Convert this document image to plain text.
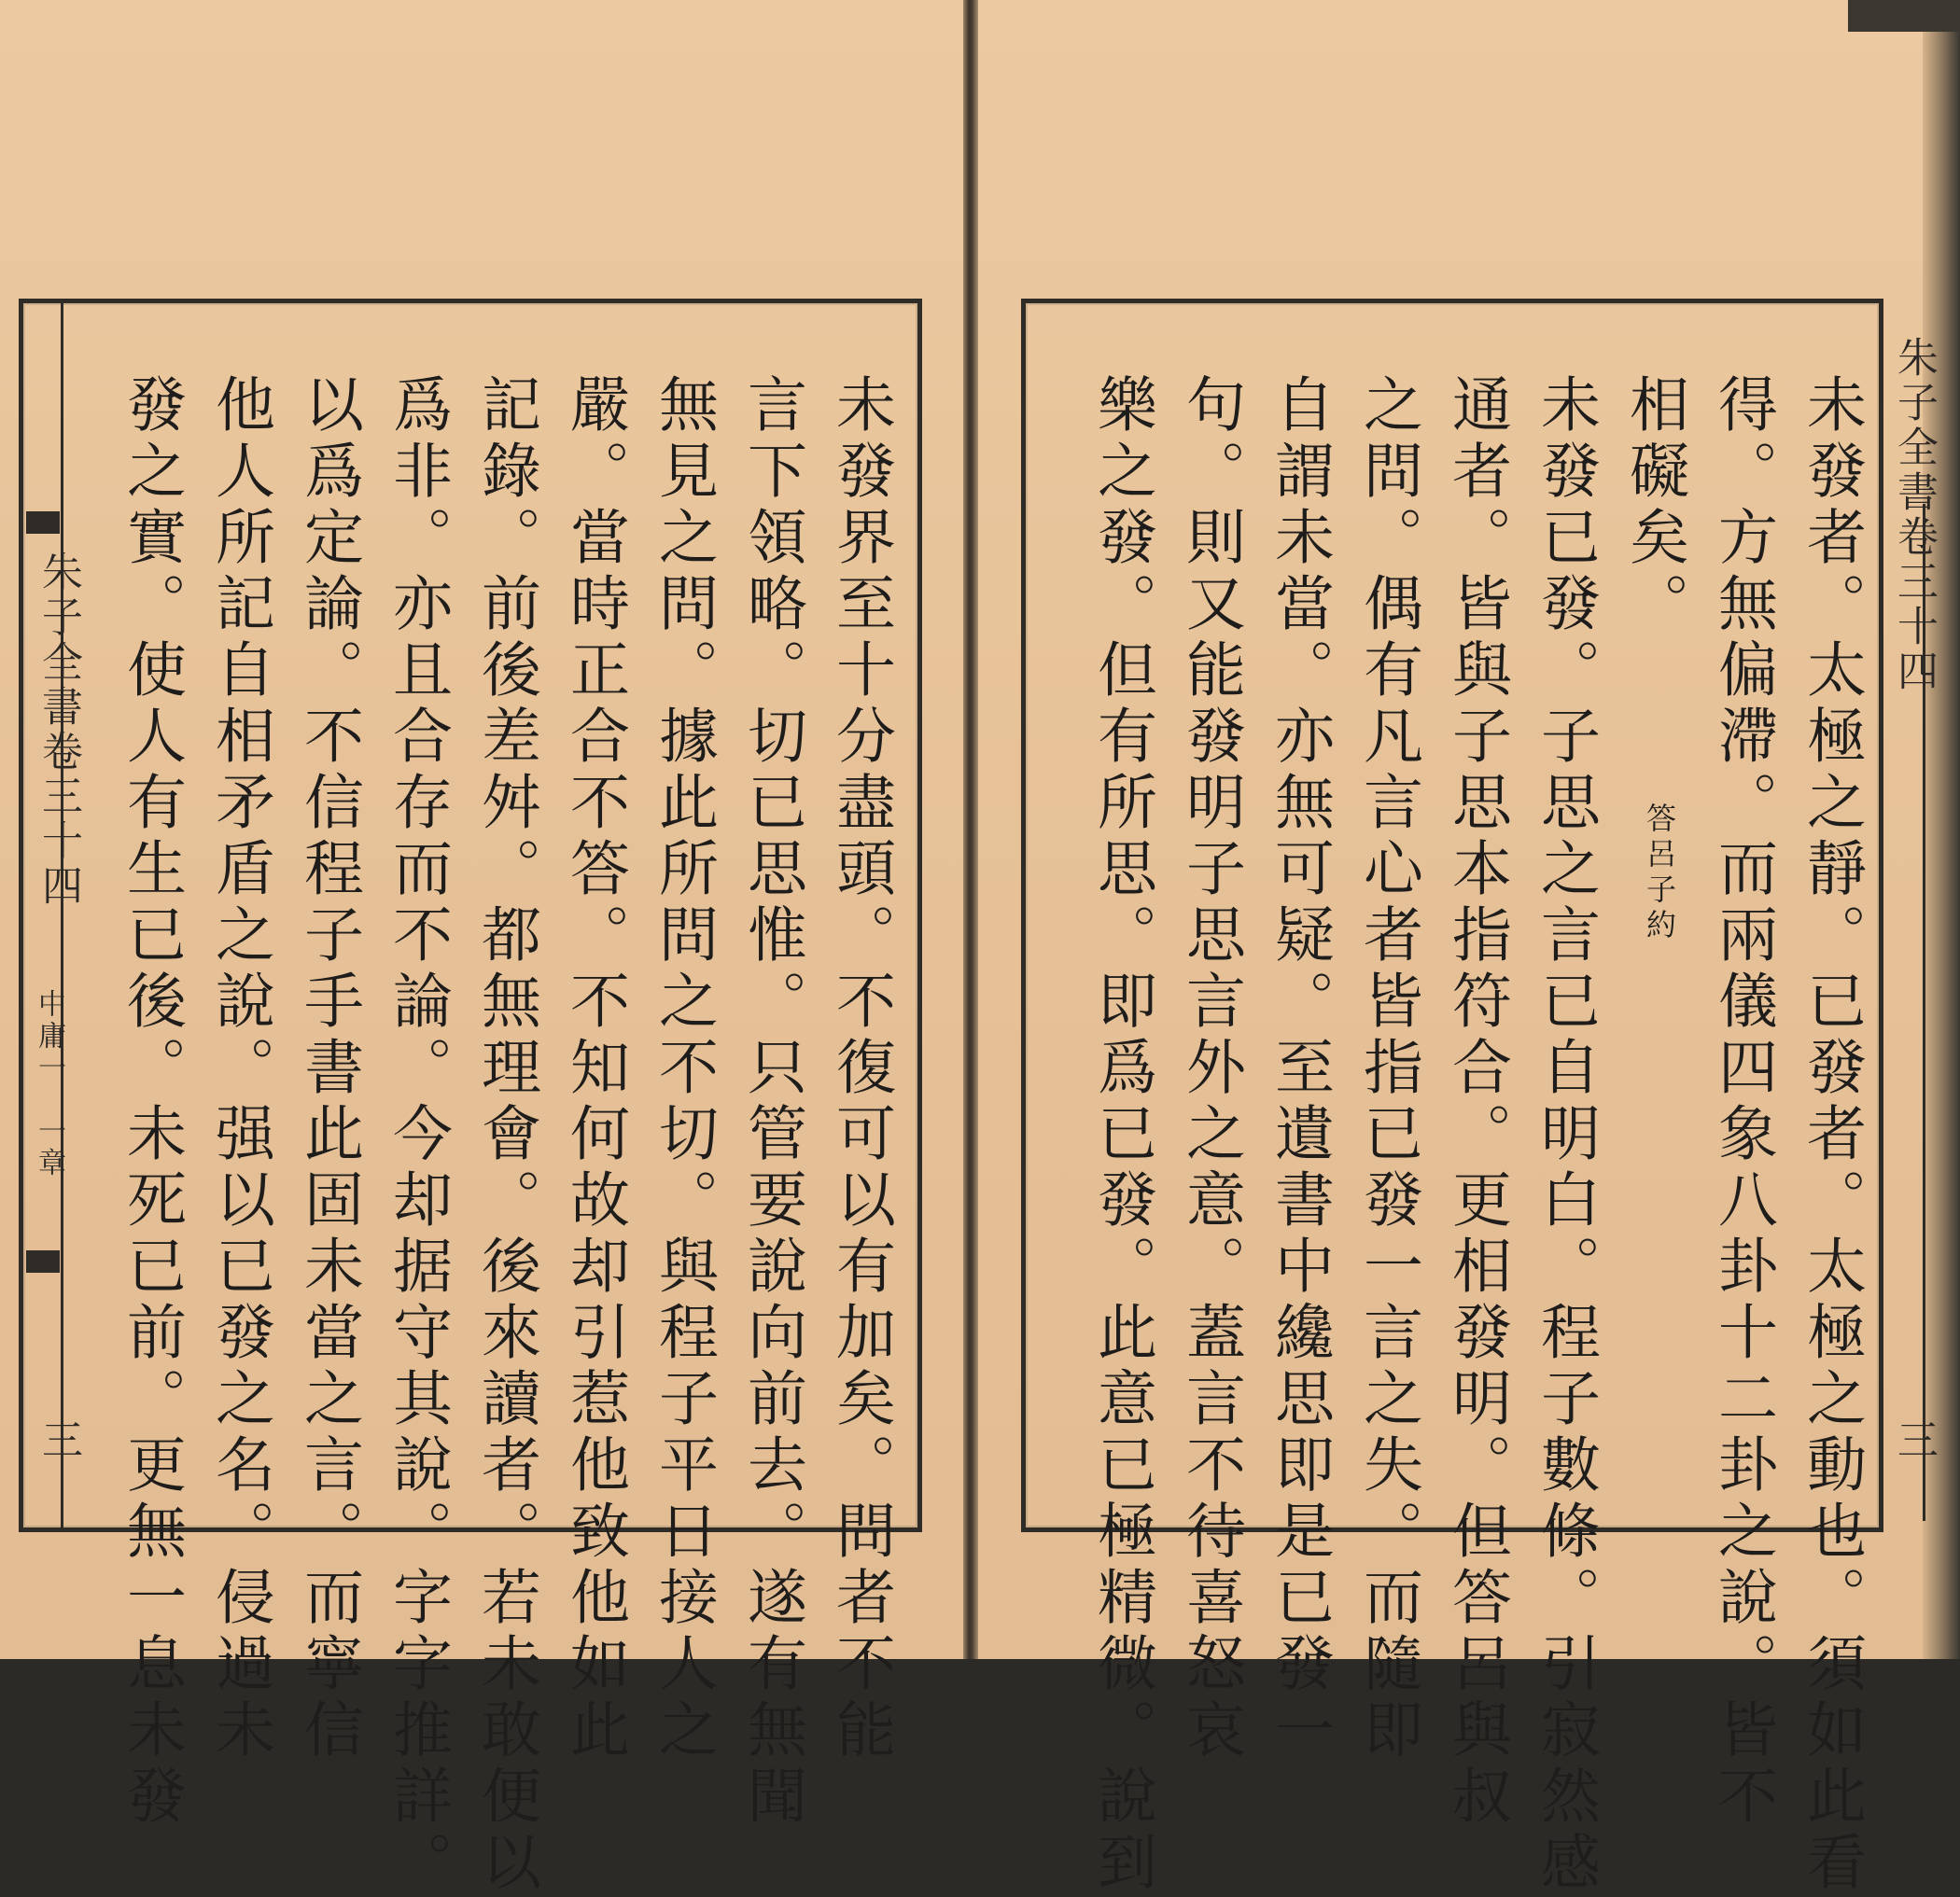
朱子全書卷三十四
中庸一　一章
三	未發界至十分盡頭。不復可以有加矣。問者不能
言下領略。切已思惟。只管要說向前去。遂有無聞
無見之問。據此所問之不切。與程子平日接人之
嚴。當時正合不答。不知何故却引惹他致他如此
記錄。前後差舛。都無理會。後來讀者。若未敢便以
爲非。亦且合存而不論。今却据守其說。字字推詳。
以爲定論。不信程子手書此固未當之言。而寧信
他人所記自相矛盾之說。强以已發之名。侵過未
發之實。使人有生已後。未死已前。更無一息未發	朱子全書卷三十四
三
未發者。太極之靜。已發者。太極之動也。須如此看
得。方無偏滯。而兩儀四象八卦十二卦之說。皆不
相礙矣。
答呂子約
未發已發。子思之言已自明白。程子數條。引寂然感
通者。皆與子思本指符合。更相發明。但答呂與叔
之問。偶有凡言心者皆指已發一言之失。而隨即
自謂未當。亦無可疑。至遺書中纔思即是已發一
句。則又能發明子思言外之意。蓋言不待喜怒哀
樂之發。但有所思。即爲已發。此意已極精微。說到
